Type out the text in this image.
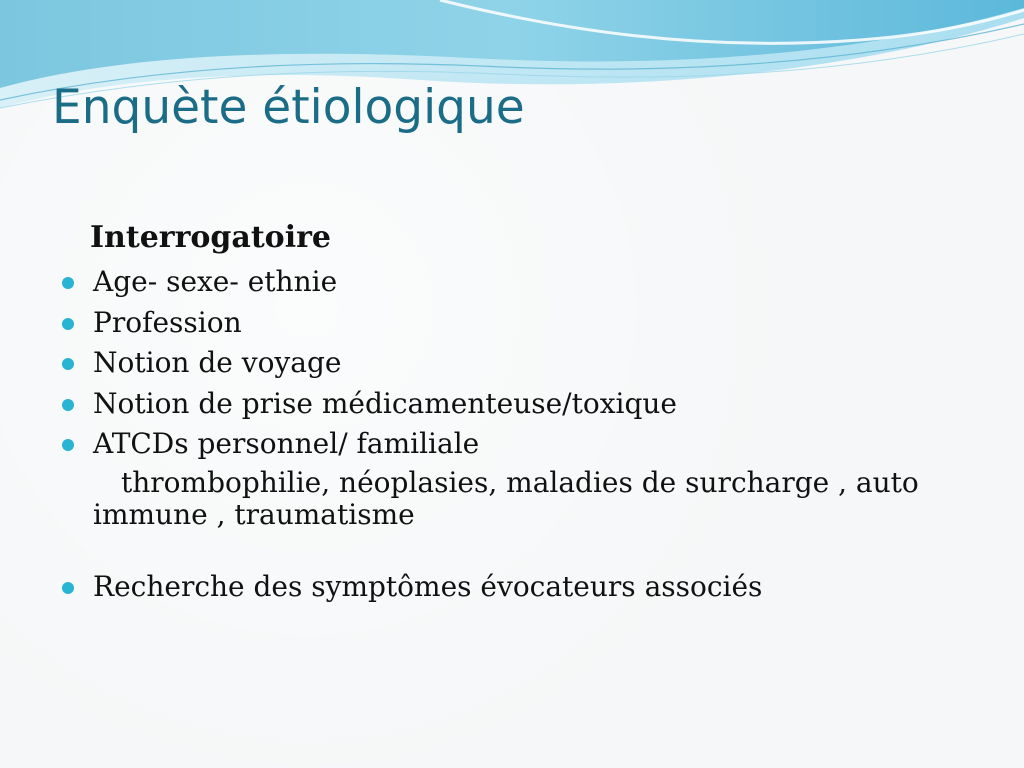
Enquète étiologique

Interrogatoire

Age- sexe- ethnie
Profession
Notion de voyage
Notion de prise médicamenteuse/toxique
ATCDs personnel/ familiale
thrombophilie, néoplasies, maladies de surcharge , auto immune , traumatisme
Recherche des symptômes évocateurs associés
